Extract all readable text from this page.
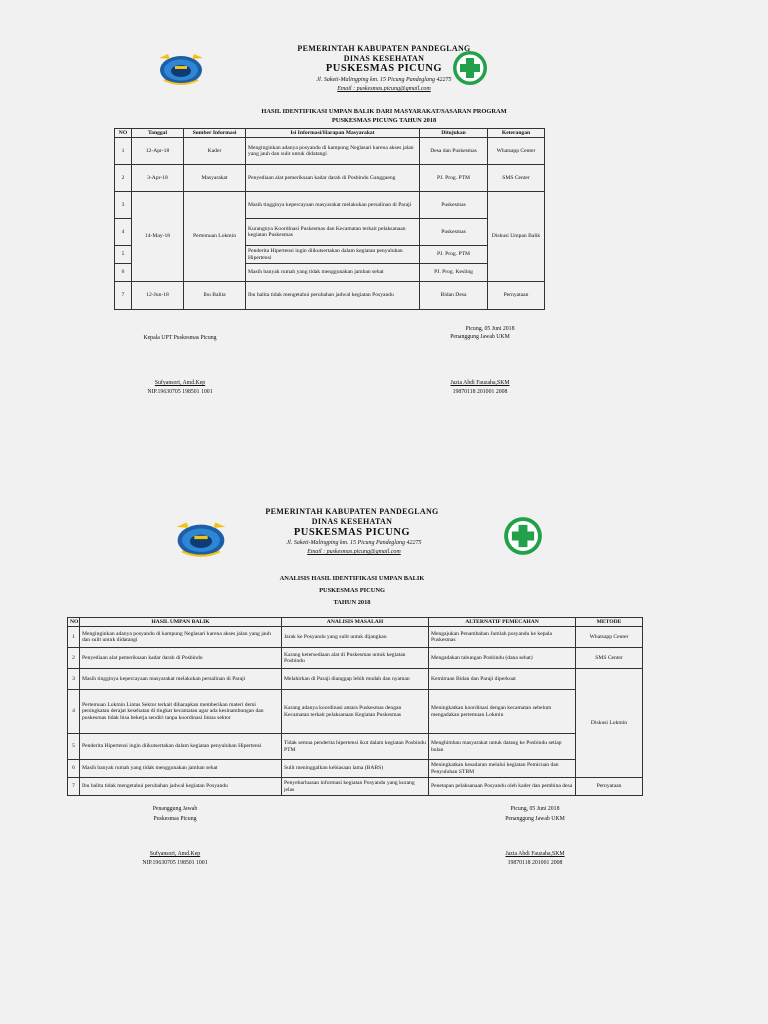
PEMERINTAH KABUPATEN PANDEGLANG
DINAS KESEHATAN
PUSKESMAS PICUNG
Jl. Saketi-Malingping km. 15 Picung Pandeglang 42275
Email : puskesmas.picung@gmail.com
HASIL IDENTIFIKASI UMPAN BALIK DARI MASYARAKAT/SASARAN PROGRAM
PUSKESMAS PICUNG TAHUN 2018
NO	Tanggal	Sumber Informasi	Isi Informasi/Harapan Masyarakat	Ditujukan	Keterangan
1	12-Apr-18	Kader	Menginginkan adanya posyandu di kampung Neglasari karena akses jalan yang jauh dan sulit untuk didatangi	Desa dan Puskesmas	Whatsapp Center
2	3-Apr-18	Masyarakat	Penyediaan alat pemeriksaan kadar darah di Posbindu Ganggaeng	PJ. Prog. PTM	SMS Center
3	14-May-18	Pertemuan Lokmin	Masih tingginya kepercayaan masyarakat melakukan persalinan di Paraji	Puskesmas	Diskusi Umpan Balik
4			Kurangnya Koordinasi Puskesmas dan Kecamatan terkait pelaksanaan kegiatan Puskesmas	Puskesmas	
5			Penderita Hipertensi ingin diikutsertakan dalam kegiatan penyuluhan Hipertensi	PJ. Prog. PTM	
6			Masih banyak rumah yang tidak menggunakan jamban sehat	PJ. Prog. Kesling	
7	12-Jun-18	Ibu Balita	Ibu balita tidak mengetahui perubahan jadwal kegiatan Posyandu	Bidan Desa	Pernyataan
Picung, 05 Juni 2018
Kepala UPT Puskesmas Picung	Penanggung Jawab UKM
Sufyansori, Amd.Kep
NIP.19630705 198501 1001
Jazia Abdi Fauzaha,SKM
19870118 201001 2008
PEMERINTAH KABUPATEN PANDEGLANG
DINAS KESEHATAN
PUSKESMAS PICUNG
Jl. Saketi-Malingping km. 15 Picung Pandeglang 42275
Email : puskesmas.picung@gmail.com
ANALISIS HASIL IDENTIFIKASI UMPAN BALIK
PUSKESMAS PICUNG
TAHUN 2018
NO	HASIL UMPAN BALIK	ANALISIS MASALAH	ALTERNATIF PEMECAHAN	METODE
1	Menginginkan adanya posyandu di kampung Neglasari karena akses jalan yang jauh dan sulit untuk didatangi	Jarak ke Posyandu yang sulit untuk dijangkau	Mengajukan Penambahan Jumlah posyandu ke kepala Puskesmas	Whatsapp Center
2	Penyediaan alat pemeriksaan kadar darah di Posbindu	Karang ketersediaan alat di Puskesmas untuk kegiatan Posbindu	Mengadakan tabungan Posbindu (dana sehat)	SMS Center
3	Masih tingginya kepercayaan masyarakat melakukan persalinan di Paraji	Melahirkan di Paraji dianggap lebih mudah dan nyaman	Kemitraan Bidan dan Paraji diperkuat	Diskusi Lokmin
4	Pertemuan Lokmin Lintas Sektor terkait diharapkan memberikan materi demi peningkatan derajat kesehatan di tingkat kecamatan agar ada kesinambungan dan puskesmas tidak bisa bekerja sendiri tanpa koordinasi lintas sektor	Karang adanya koordinasi antara Puskesmas dengan Kecamatan terkait pelaksanaan Kegiatan Puskesmas	Meningkatkan koordinasi dengan kecamatan sebelum mengadakan pertemuan Lokmin	
5	Penderita Hipertensi ingin diikutsertakan dalam kegiatan penyuluhan Hipertensi	Tidak semua penderita hipertensi ikut dalam kegiatan Posbindu PTM	Menghimbau masyarakat untuk datang ke Posbindu setiap bulan	
6	Masih banyak rumah yang tidak menggunakan jamban sehat	Sulit meninggalkan kebiasaan lama (BABS)	Meningkatkan kesadaran melalui kegiatan Pemicuan dan Penyuluhan STBM	
7	Ibu balita tidak mengetahui perubahan jadwal kegiatan Posyandu	Penyebarluasan informasi kegiatan Posyandu yang kurang jelas	Penetapan pelaksanaan Posyandu oleh kader dan pembina desa	Pernyataan
Penanggung Jawab
Puskesmas Picung
Picung, 05 Juni 2018
Penanggung Jawab UKM
Sufyansori, Amd.Kep
NIP.19630705 198501 1001
Jazia Abdi Fauzaha,SKM
19870118 201001 2008
